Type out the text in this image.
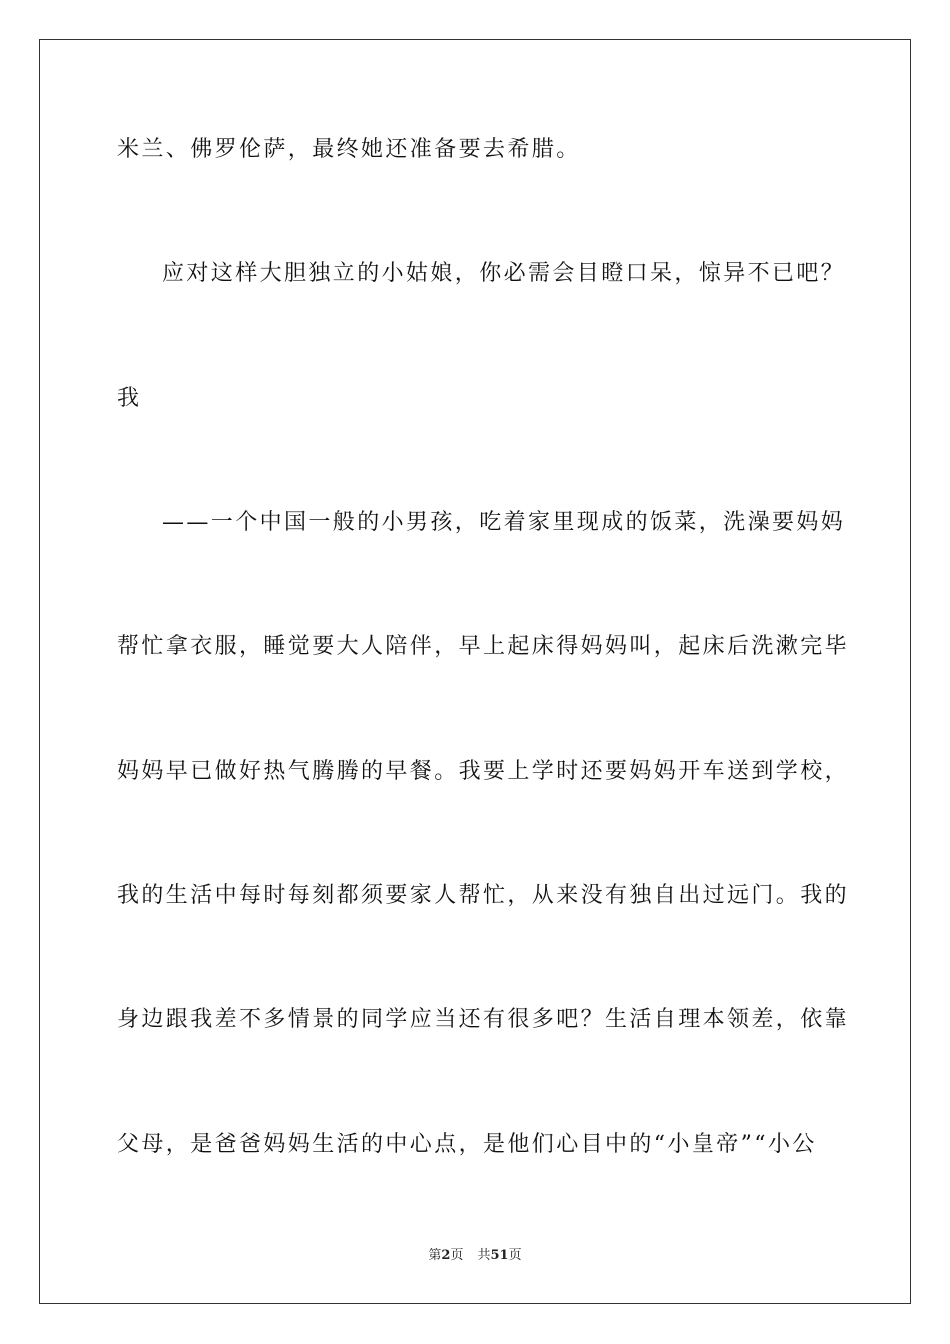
米兰、佛罗伦萨，最终她还准备要去希腊。
应对这样大胆独立的小姑娘，你必需会目瞪口呆，惊异不已吧？
我
——一个中国一般的小男孩，吃着家里现成的饭菜，洗澡要妈妈
帮忙拿衣服，睡觉要大人陪伴，早上起床得妈妈叫，起床后洗漱完毕
妈妈早已做好热气腾腾的早餐。我要上学时还要妈妈开车送到学校，
我的生活中每时每刻都须要家人帮忙，从来没有独自出过远门。我的
身边跟我差不多情景的同学应当还有很多吧？生活自理本领差，依靠
父母，是爸爸妈妈生活的中心点，是他们心目中的“小皇帝”“小公
第2页 共51页
